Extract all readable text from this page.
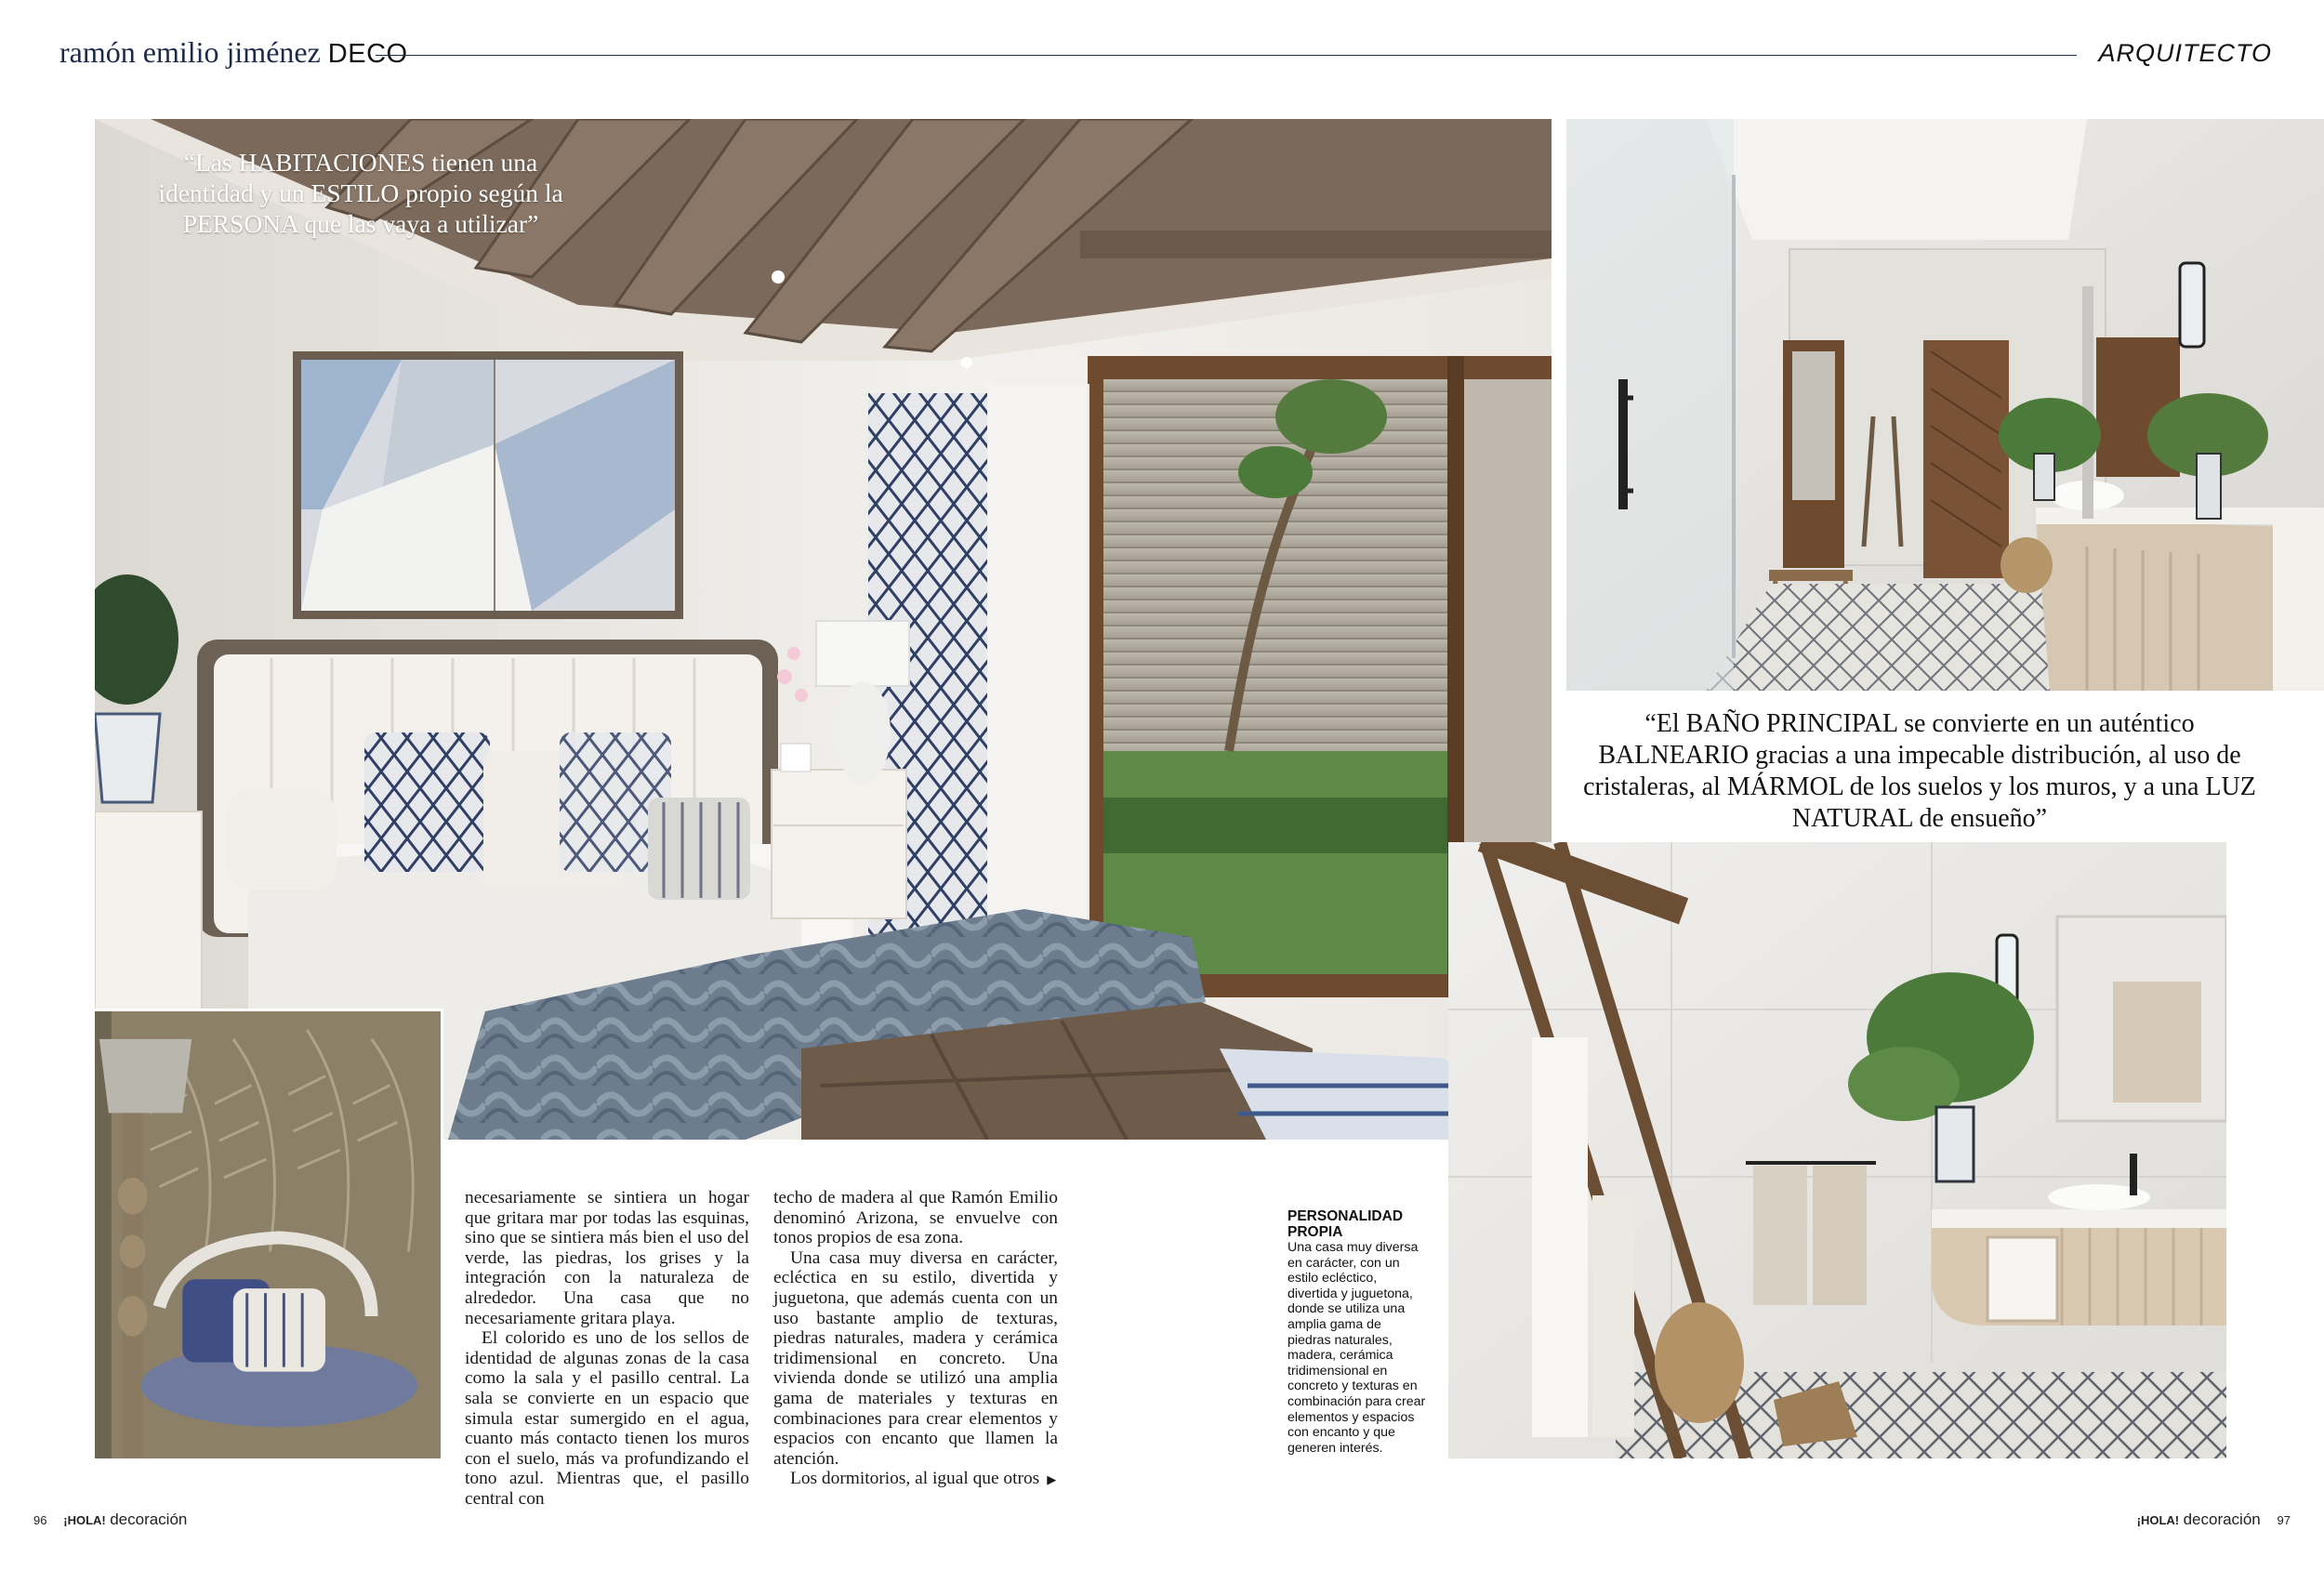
ramón emilio jiménez DECO	ARQUITECTO
“Las HABITACIONES tienen una
identidad y un ESTILO propio según la
PERSONA que las vaya a utilizar”
“El BAÑO PRINCIPAL se convierte en un auténtico
BALNEARIO gracias a una impecable distribución, al uso de
cristaleras, al MÁRMOL de los suelos y los muros, y a una LUZ
NATURAL de ensueño”

necesariamente se sintiera un hogar que gritara mar por todas las esquinas, sino que se sintiera más bien el uso del verde, las piedras, los grises y la integración con la naturaleza de alrededor. Una casa que no necesariamente gritara playa.

El colorido es uno de los sellos de identidad de algunas zonas de la casa como la sala y el pasillo central. La sala se convierte en un espacio que simula estar sumergido en el agua, cuanto más contacto tienen los muros con el suelo, más va profundizando el tono azul. Mientras que, el pasillo central con

techo de madera al que Ramón Emilio denominó Arizona, se envuelve con tonos propios de esa zona.

Una casa muy diversa en carácter, ecléctica en su estilo, divertida y juguetona, que además cuenta con un uso bastante amplio de texturas, piedras naturales, madera y cerámica tridimensional en concreto. Una vivienda donde se utilizó una amplia gama de materiales y texturas en combinaciones para crear elementos y espacios con encanto que llamen la atención.

Los dormitorios, al igual que otros ▶

PERSONALIDAD
PROPIA
Una casa muy diversa en carácter, con un estilo ecléctico, divertida y juguetona, donde se utiliza una amplia gama de piedras naturales, madera, cerámica tridimensional en concreto y texturas en combinación para crear elementos y espacios con encanto y que generen interés.
96 ¡HOLA! decoración	¡HOLA! decoración 97
